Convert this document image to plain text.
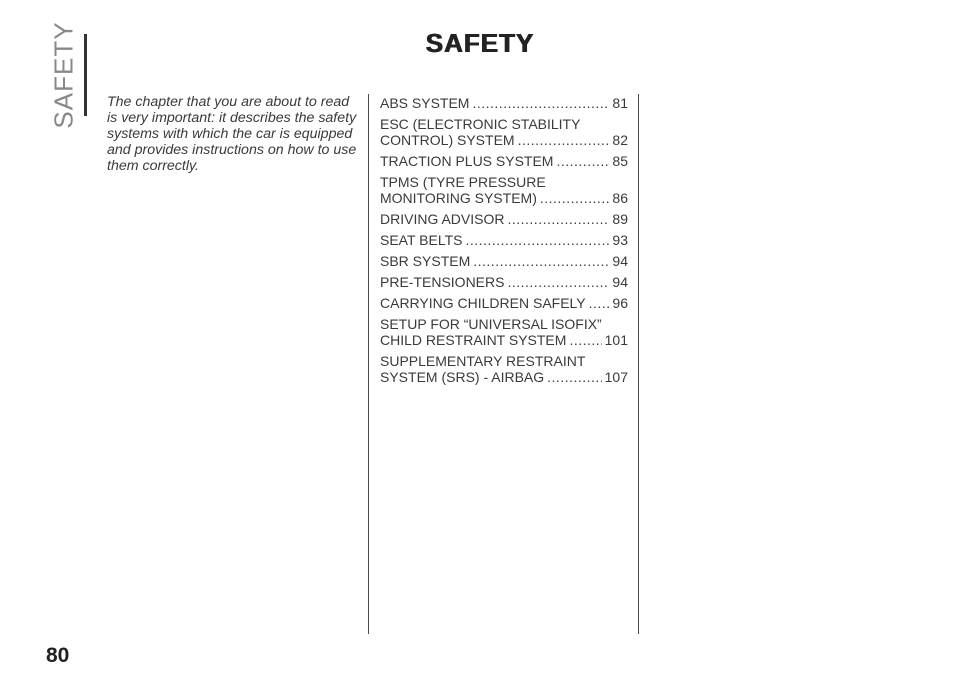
SAFETY	SAFETY
The chapter that you are about to read is very important: it describes the safety systems with which the car is equipped and provides instructions on how to use them correctly.
ABS SYSTEM .....	81
ESC (ELECTRONIC STABILITY
CONTROL) SYSTEM .....	82
TRACTION PLUS SYSTEM .....	85
TPMS (TYRE PRESSURE
MONITORING SYSTEM) .....	86
DRIVING ADVISOR .....	89
SEAT BELTS .....	93
SBR SYSTEM .....	94
PRE-TENSIONERS .....	94
CARRYING CHILDREN SAFELY ..... 96
SETUP FOR “UNIVERSAL ISOFIX”
CHILD RESTRAINT SYSTEM .....	101
SUPPLEMENTARY RESTRAINT
SYSTEM (SRS) - AIRBAG .....	107
80
